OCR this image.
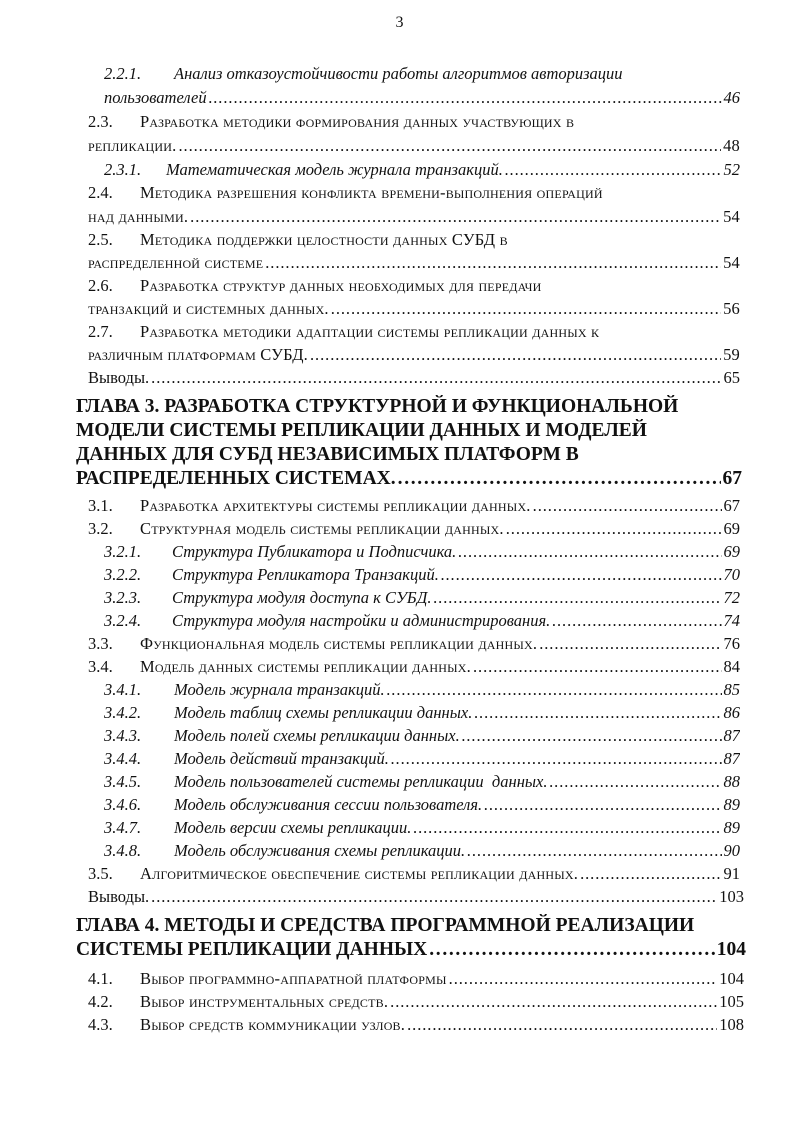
3
2.2.1.	Анализ отказоустойчивости работы алгоритмов авторизации
пользователей . . .	46
2.3.	Разработка методики формирования данных участвующих в
репликации. . . .	48
2.3.1.	Математическая модель журнала транзакций. . . .	52
2.4.	Методика разрешения конфликта времени-выполнения операций
над данными. . . .	54
2.5.	Методика поддержки целостности данных СУБД в
распределенной системе . . .	54
2.6.	Разработка структур данных необходимых для передачи
транзакций и системных данных. . . .	56
2.7.	Разработка методики адаптации системы репликации данных к
различным платформам СУБД. . . .	59
Выводы. . . .	65
ГЛАВА 3. РАЗРАБОТКА СТРУКТУРНОЙ И ФУНКЦИОНАЛЬНОЙ
МОДЕЛИ СИСТЕМЫ РЕПЛИКАЦИИ ДАННЫХ И МОДЕЛЕЙ
ДАННЫХ ДЛЯ СУБД НЕЗАВИСИМЫХ ПЛАТФОРМ В
РАСПРЕДЕЛЕННЫХ СИСТЕМАХ. . . .	67
3.1.	Разработка архитектуры системы репликации данных. . . .	67
3.2.	Структурная модель системы репликации данных. . . .	69
3.2.1.	Структура Публикатора и Подписчика. . . .	69
3.2.2.	Структура Репликатора Транзакций. . . .	70
3.2.3.	Структура модуля доступа к СУБД. . . .	72
3.2.4.	Структура модуля настройки и администрирования. . . .	74
3.3.	Функциональная модель системы репликации данных. . . .	76
3.4.	Модель данных системы репликации данных. . . .	84
3.4.1.	Модель журнала транзакций. . . .	85
3.4.2.	Модель таблиц схемы репликации данных. . . .	86
3.4.3.	Модель полей схемы репликации данных. . . .	87
3.4.4.	Модель действий транзакций. . . .	87
3.4.5.	Модель пользователей системы репликации  данных. . . .	88
3.4.6.	Модель обслуживания сессии пользователя. . . .	89
3.4.7.	Модель версии схемы репликации. . . .	89
3.4.8.	Модель обслуживания схемы репликации. . . .	90
3.5.	Алгоритмическое обеспечение системы репликации данных. . . .	91
Выводы. . . .	103
ГЛАВА 4. МЕТОДЫ И СРЕДСТВА ПРОГРАММНОЙ РЕАЛИЗАЦИИ
СИСТЕМЫ РЕПЛИКАЦИИ ДАННЫХ . . .	104
4.1.	Выбор программно-аппаратной платформы . . .	104
4.2.	Выбор инструментальных средств. . . .	105
4.3.	Выбор средств коммуникации узлов. . . .	108
